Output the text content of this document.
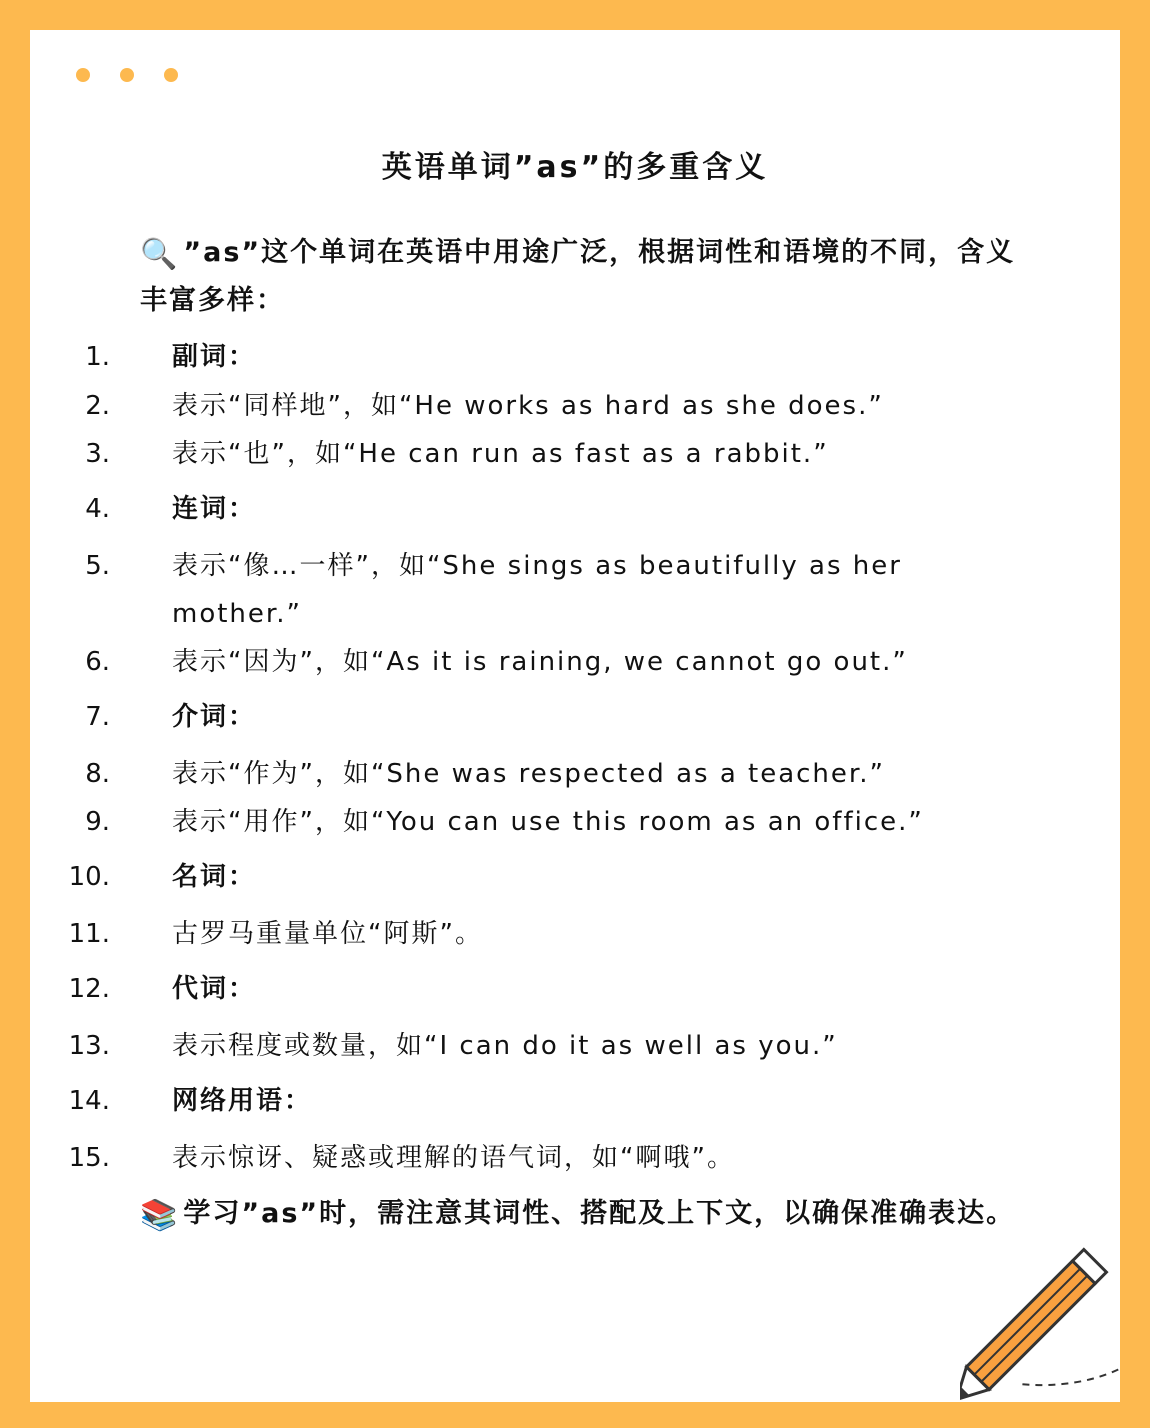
英语单词”as”的多重含义
🔍 ”as”这个单词在英语中用途广泛，根据词性和语境的不同，含义丰富多样：
1. 副词：
2. 表示“同样地”，如“He works as hard as she does.”
3. 表示“也”，如“He can run as fast as a rabbit.”
4. 连词：
5. 表示“像…一样”，如“She sings as beautifully as her mother.”
6. 表示“因为”，如“As it is raining, we cannot go out.”
7. 介词：
8. 表示“作为”，如“She was respected as a teacher.”
9. 表示“用作”，如“You can use this room as an office.”
10. 名词：
11. 古罗马重量单位“阿斯”。
12. 代词：
13. 表示程度或数量，如“I can do it as well as you.”
14. 网络用语：
15. 表示惊讶、疑惑或理解的语气词，如“啊哦”。
📚 学习”as”时，需注意其词性、搭配及上下文，以确保准确表达。
